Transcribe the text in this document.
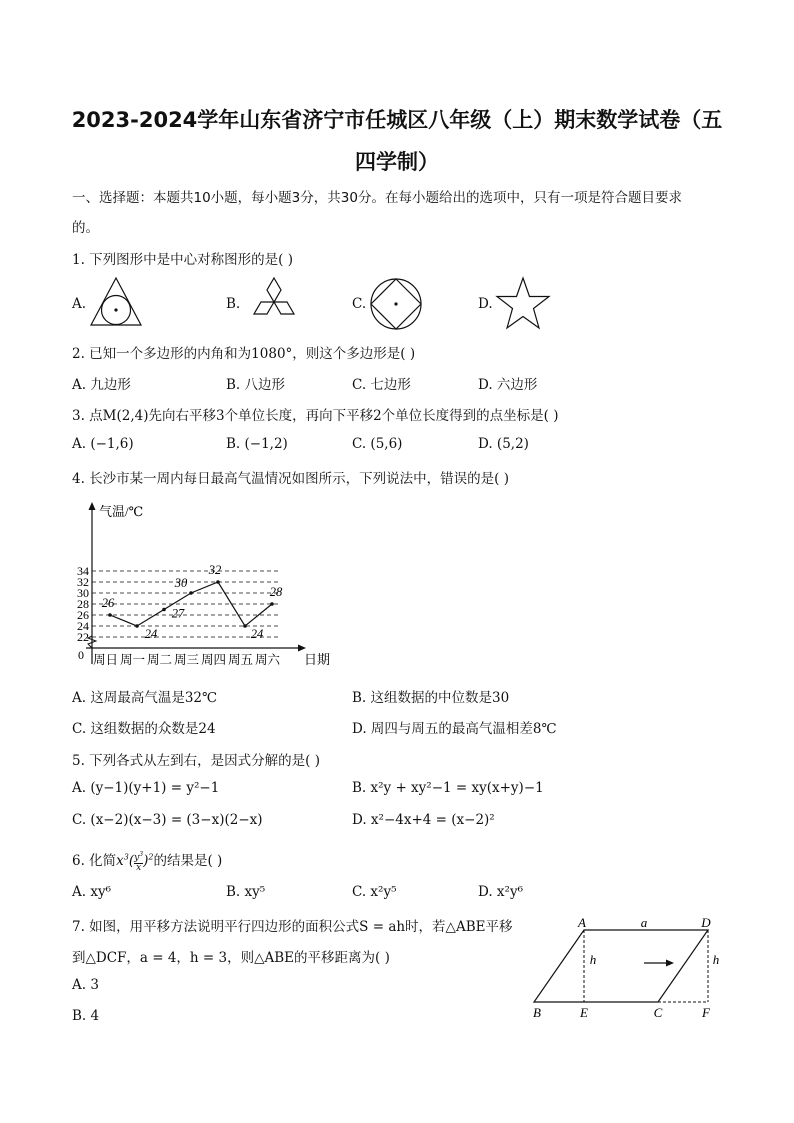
2023-2024学年山东省济宁市任城区八年级（上）期末数学试卷（五
四学制）
一、选择题：本题共10小题，每小题3分，共30分。在每小题给出的选项中，只有一项是符合题目要求
的。
1. 下列图形中是中心对称图形的是( )
A.	B.	C.	D.
2. 已知一个多边形的内角和为1080°，则这个多边形是( )
A. 九边形	B. 八边形	C. 七边形	D. 六边形
3. 点M(2,4)先向右平移3个单位长度，再向下平移2个单位长度得到的点坐标是( )
A. (−1,6)	B. (−1,2)	C. (5,6)	D. (5,2)
4. 长沙市某一周内每日最高气温情况如图所示，下列说法中，错误的是( )
气温/℃
日期
0
22
24
26
28
30
32
34
周日 周一 周二 周三 周四 周五 周六
26
24
27
30
32
24
28
A. 这周最高气温是32℃	B. 这组数据的中位数是30
C. 这组数据的众数是24	D. 周四与周五的最高气温相差8℃
5. 下列各式从左到右，是因式分解的是( )
A. (y−1)(y+1) = y²−1	B. x²y + xy²−1 = xy(x+y)−1
C. (x−2)(x−3) = (3−x)(2−x)	D. x²−4x+4 = (x−2)²
6. 化简$x^3( \frac{y^3}{x} )^2$的结果是( )
A. xy⁶	B. xy⁵	C. x²y⁵	D. x²y⁶
7. 如图，用平移方法说明平行四边形的面积公式S = ah时，若△ABE平移
到△DCF，a = 4，h = 3，则△ABE的平移距离为( )
A. 3
B. 4
A	D
B	E	C	F
a
h	h
